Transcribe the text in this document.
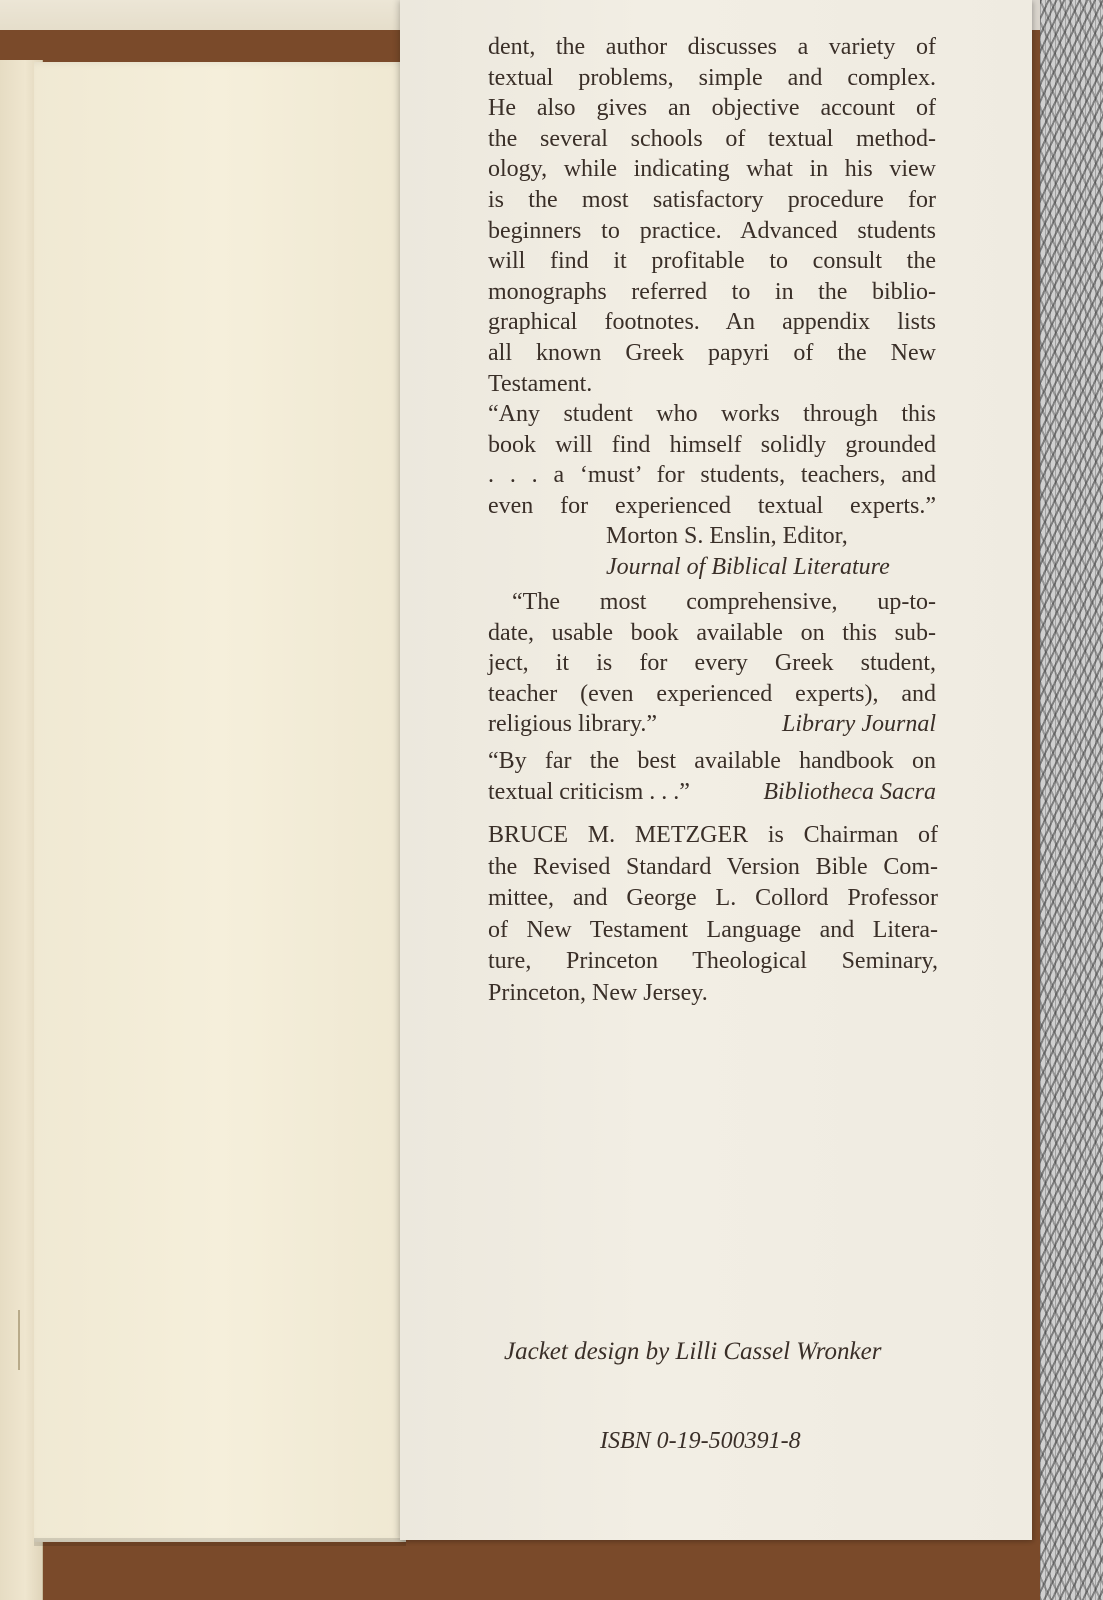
dent, the author discusses a variety of
textual problems, simple and complex.
He also gives an objective account of
the several schools of textual method-
ology, while indicating what in his view
is the most satisfactory procedure for
beginners to practice. Advanced students
will find it profitable to consult the
monographs referred to in the biblio-
graphical footnotes. An appendix lists
all known Greek papyri of the New
Testament.
“Any student who works through this
book will find himself solidly grounded
. . . a ‘must’ for students, teachers, and
even for experienced textual experts.”
Morton S. Enslin, Editor,
Journal of Biblical Literature
“The most comprehensive, up-to-
date, usable book available on this sub-
ject, it is for every Greek student,
teacher (even experienced experts), and
religious library.”	Library Journal
“By far the best available handbook on
textual criticism . . .”	Bibliotheca Sacra
BRUCE M. METZGER is Chairman of
the Revised Standard Version Bible Com-
mittee, and George L. Collord Professor
of New Testament Language and Litera-
ture, Princeton Theological Seminary,
Princeton, New Jersey.
Jacket design by Lilli Cassel Wronker
ISBN 0-19-500391-8
